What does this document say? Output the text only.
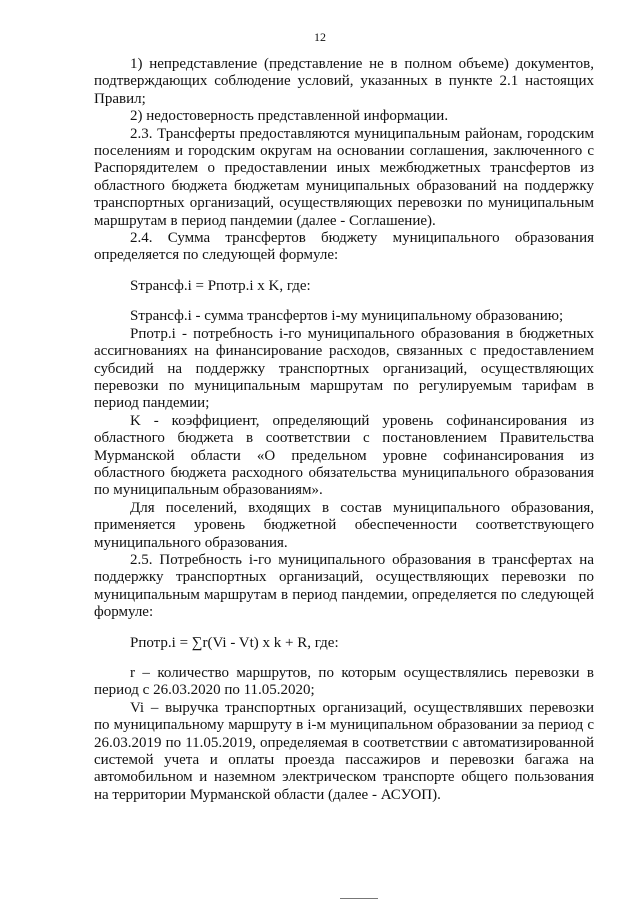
12

1) непредставление (представление не в полном объеме) документов, подтверждающих соблюдение условий, указанных в пункте 2.1 настоящих Правил;

2) недостоверность представленной информации.

2.3. Трансферты предоставляются муниципальным районам, городским поселениям и городским округам на основании соглашения, заключенного с Распорядителем о предоставлении иных межбюджетных трансфертов из областного бюджета бюджетам муниципальных образований на поддержку транспортных организаций, осуществляющих перевозки по муниципальным маршрутам в период пандемии (далее - Соглашение).

2.4. Сумма трансфертов бюджету муниципального образования определяется по следующей формуле:

Sтрансф.i = Pпотр.i x K, где:

Sтрансф.i - сумма трансфертов i-му муниципальному образованию;

Pпотр.i - потребность i-го муниципального образования в бюджетных ассигнованиях на финансирование расходов, связанных с предоставлением субсидий на поддержку транспортных организаций, осуществляющих перевозки по муниципальным маршрутам по регулируемым тарифам в период пандемии;

K - коэффициент, определяющий уровень софинансирования из областного бюджета в соответствии с постановлением Правительства Мурманской области «О предельном уровне софинансирования из областного бюджета расходного обязательства муниципального образования по муниципальным образованиям».

Для поселений, входящих в состав муниципального образования, применяется уровень бюджетной обеспеченности соответствующего муниципального образования.

2.5. Потребность i-го муниципального образования в трансфертах на поддержку транспортных организаций, осуществляющих перевозки по муниципальным маршрутам в период пандемии, определяется по следующей формуле:

Pпотр.i = ∑r(Vi - Vt) x k + R, где:

r – количество маршрутов, по которым осуществлялись перевозки в период с 26.03.2020 по 11.05.2020;

Vi – выручка транспортных организаций, осуществлявших перевозки по муниципальному маршруту в i-м муниципальном образовании за период с 26.03.2019 по 11.05.2019, определяемая в соответствии с автоматизированной системой учета и оплаты проезда пассажиров и перевозки багажа на автомобильном и наземном электрическом транспорте общего пользования на территории Мурманской области (далее - АСУОП).
